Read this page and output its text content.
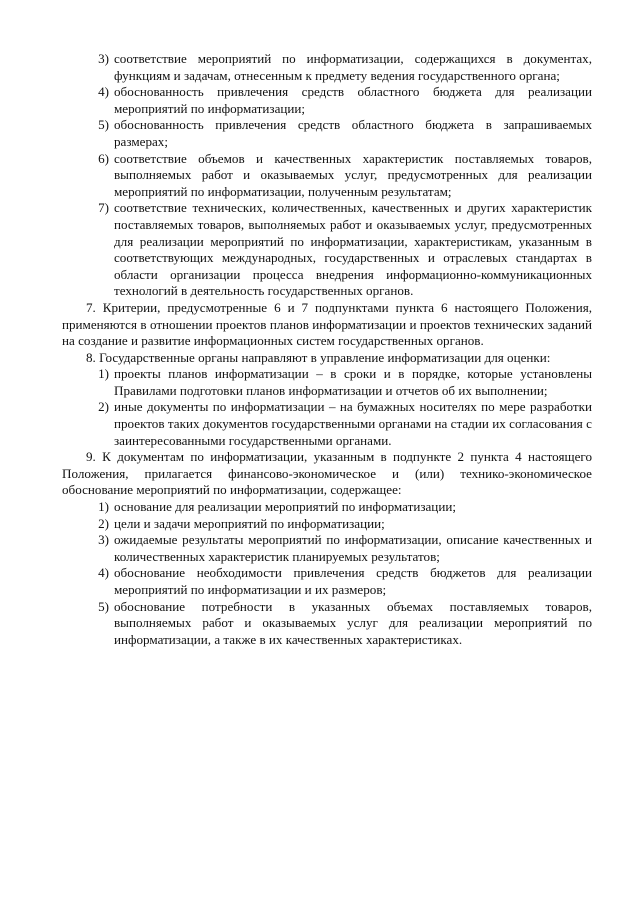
3) соответствие мероприятий по информатизации, содержащихся в документах, функциям и задачам, отнесенным к предмету ведения государственного органа;
4) обоснованность привлечения средств областного бюджета для реализации мероприятий по информатизации;
5) обоснованность привлечения средств областного бюджета в запрашиваемых размерах;
6) соответствие объемов и качественных характеристик поставляемых товаров, выполняемых работ и оказываемых услуг, предусмотренных для реализации мероприятий по информатизации, полученным результатам;
7) соответствие технических, количественных, качественных и других характеристик поставляемых товаров, выполняемых работ и оказываемых услуг, предусмотренных для реализации мероприятий по информатизации, характеристикам, указанным в соответствующих международных, государственных и отраслевых стандартах в области организации процесса внедрения информационно-коммуникационных технологий в деятельность государственных органов.
7. Критерии, предусмотренные 6 и 7 подпунктами пункта 6 настоящего Положения, применяются в отношении проектов планов информатизации и проектов технических заданий на создание и развитие информационных систем государственных органов.
8. Государственные органы направляют в управление информатизации для оценки:
1) проекты планов информатизации – в сроки и в порядке, которые установлены Правилами подготовки планов информатизации и отчетов об их выполнении;
2) иные документы по информатизации – на бумажных носителях по мере разработки проектов таких документов государственными органами на стадии их согласования с заинтересованными государственными органами.
9. К документам по информатизации, указанным в подпункте 2 пункта 4 настоящего Положения, прилагается финансово-экономическое и (или) технико-экономическое обоснование мероприятий по информатизации, содержащее:
1) основание для реализации мероприятий по информатизации;
2) цели и задачи мероприятий по информатизации;
3) ожидаемые результаты мероприятий по информатизации, описание качественных и количественных характеристик планируемых результатов;
4) обоснование необходимости привлечения средств бюджетов для реализации мероприятий по информатизации и их размеров;
5) обоснование потребности в указанных объемах поставляемых товаров, выполняемых работ и оказываемых услуг для реализации мероприятий по информатизации, а также в их качественных характеристиках.
